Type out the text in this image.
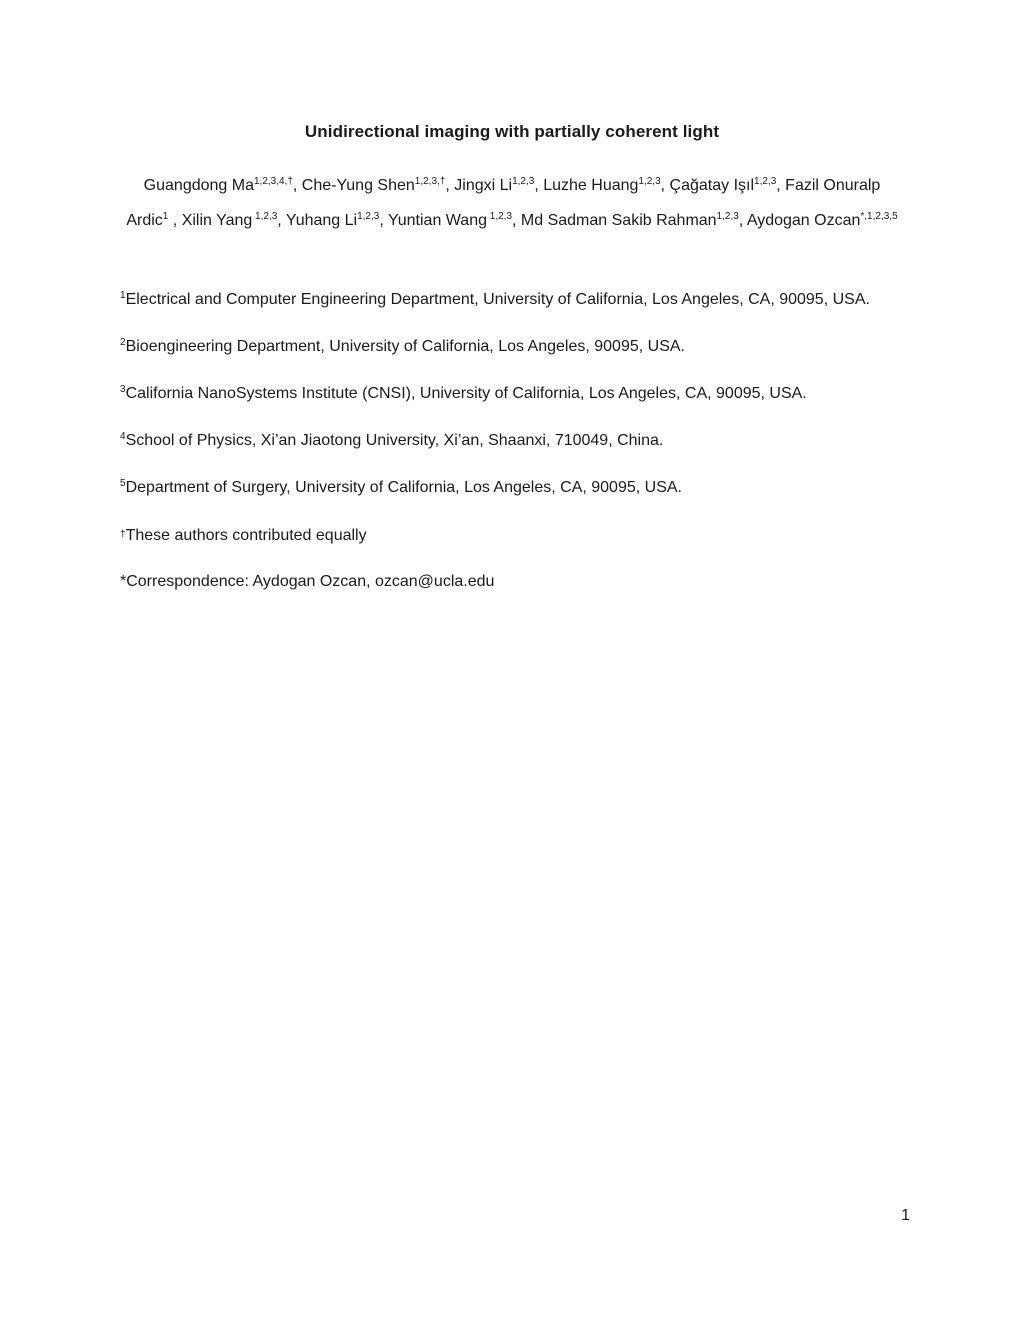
Unidirectional imaging with partially coherent light
Guangdong $Ma^{1,2,3,4,\dagger}$, Che-Yung Shen$^{1,2,3,\dagger}$, Jingxi Li$^{1,2,3}$, Luzhe Huang$^{1,2,3}$, Çağatay Işıl$^{1,2,3}$, Fazil Onuralp Ardic$^1$ , Xilin Yang $^{1,2,3}$, Yuhang Li$^{1,2,3}$, Yuntian Wang $^{1,2,3}$, Md Sadman Sakib Rahman$^{1,2,3}$, Aydogan Ozcan$^{*,1,2,3,5}$
$^1$Electrical and Computer Engineering Department, University of California, Los Angeles, CA, 90095, USA.
$^2$Bioengineering Department, University of California, Los Angeles, 90095, USA.
$^3$California NanoSystems Institute (CNSI), University of California, Los Angeles, CA, 90095, USA.
$^4$School of Physics, Xi’an Jiaotong University, Xi’an, Shaanxi, 710049, China.
$^5$Department of Surgery, University of California, Los Angeles, CA, 90095, USA.
†These authors contributed equally
*Correspondence: Aydogan Ozcan, ozcan@ucla.edu
1
